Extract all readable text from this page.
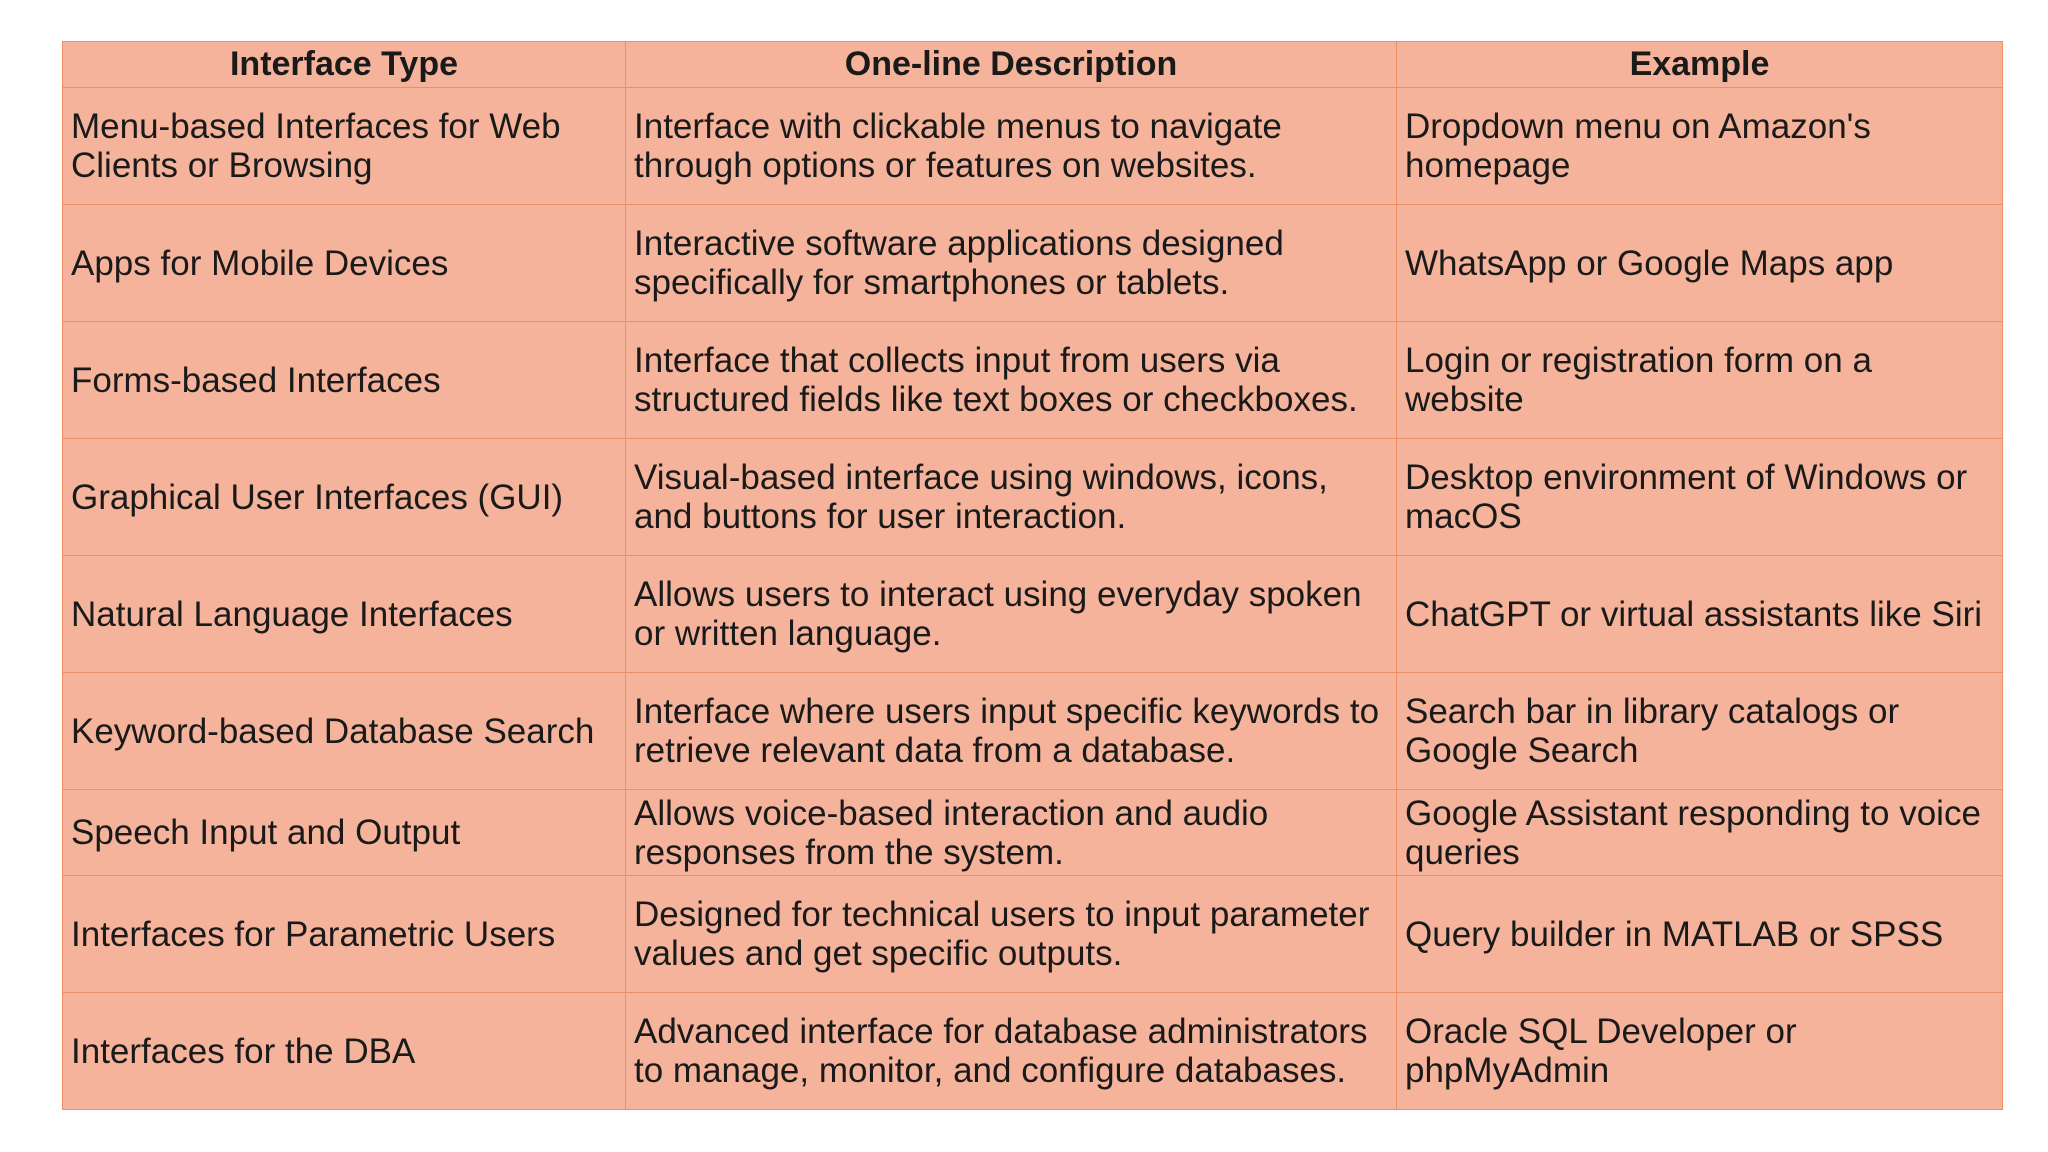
Interface Type	One-line Description	Example
Menu-based Interfaces for Web Clients or Browsing	Interface with clickable menus to navigate through options or features on websites.	Dropdown menu on Amazon's homepage
Apps for Mobile Devices	Interactive software applications designed specifically for smartphones or tablets.	WhatsApp or Google Maps app
Forms-based Interfaces	Interface that collects input from users via structured fields like text boxes or checkboxes.	Login or registration form on a website
Graphical User Interfaces (GUI)	Visual-based interface using windows, icons, and buttons for user interaction.	Desktop environment of Windows or macOS
Natural Language Interfaces	Allows users to interact using everyday spoken or written language.	ChatGPT or virtual assistants like Siri
Keyword-based Database Search	Interface where users input specific keywords to retrieve relevant data from a database.	Search bar in library catalogs or Google Search
Speech Input and Output	Allows voice-based interaction and audio responses from the system.	Google Assistant responding to voice queries
Interfaces for Parametric Users	Designed for technical users to input parameter values and get specific outputs.	Query builder in MATLAB or SPSS
Interfaces for the DBA	Advanced interface for database administrators to manage, monitor, and configure databases.	Oracle SQL Developer or phpMyAdmin
